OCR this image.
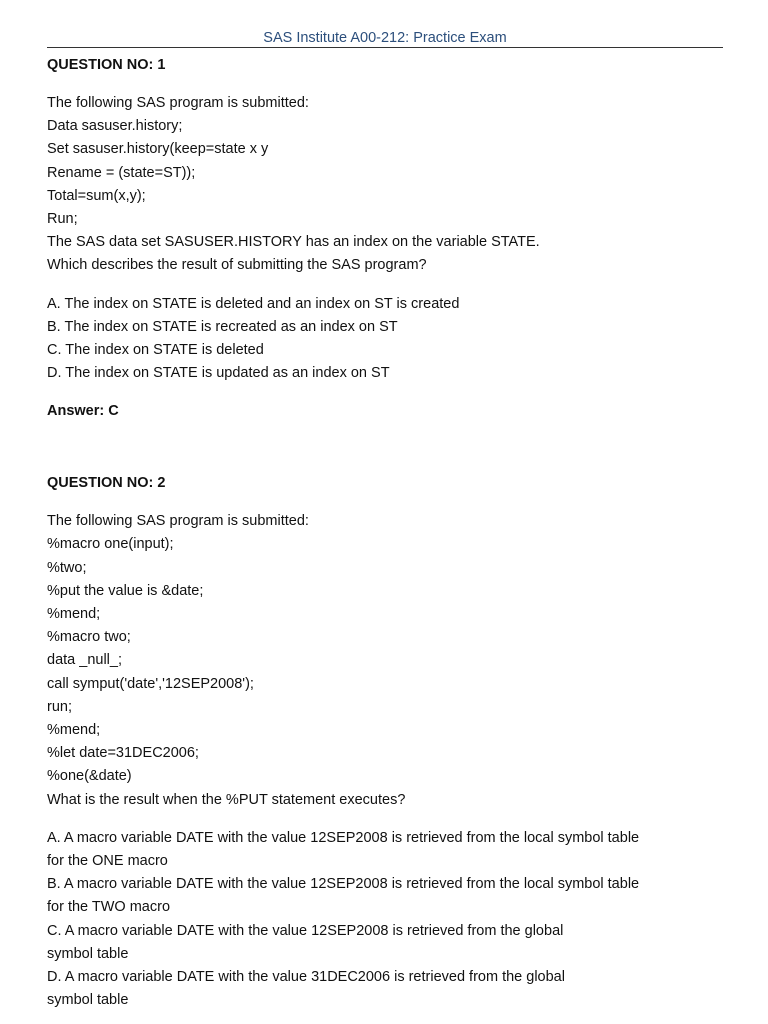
SAS Institute A00-212: Practice Exam
QUESTION NO: 1
The following SAS program is submitted:
Data sasuser.history;
Set sasuser.history(keep=state x y
Rename = (state=ST));
Total=sum(x,y);
Run;
The SAS data set SASUSER.HISTORY has an index on the variable STATE.
Which describes the result of submitting the SAS program?
A. The index on STATE is deleted and an index on ST is created
B. The index on STATE is recreated as an index on ST
C. The index on STATE is deleted
D. The index on STATE is updated as an index on ST
Answer: C
QUESTION NO: 2
The following SAS program is submitted:
%macro one(input);
%two;
%put the value is &date;
%mend;
%macro two;
data _null_;
call symput('date','12SEP2008');
run;
%mend;
%let date=31DEC2006;
%one(&date)
What is the result when the %PUT statement executes?
A. A macro variable DATE with the value 12SEP2008 is retrieved from the local symbol table for the ONE macro
B. A macro variable DATE with the value 12SEP2008 is retrieved from the local symbol table for the TWO macro
C. A macro variable DATE with the value 12SEP2008 is retrieved from the global symbol table
D. A macro variable DATE with the value 31DEC2006 is retrieved from the global symbol table
